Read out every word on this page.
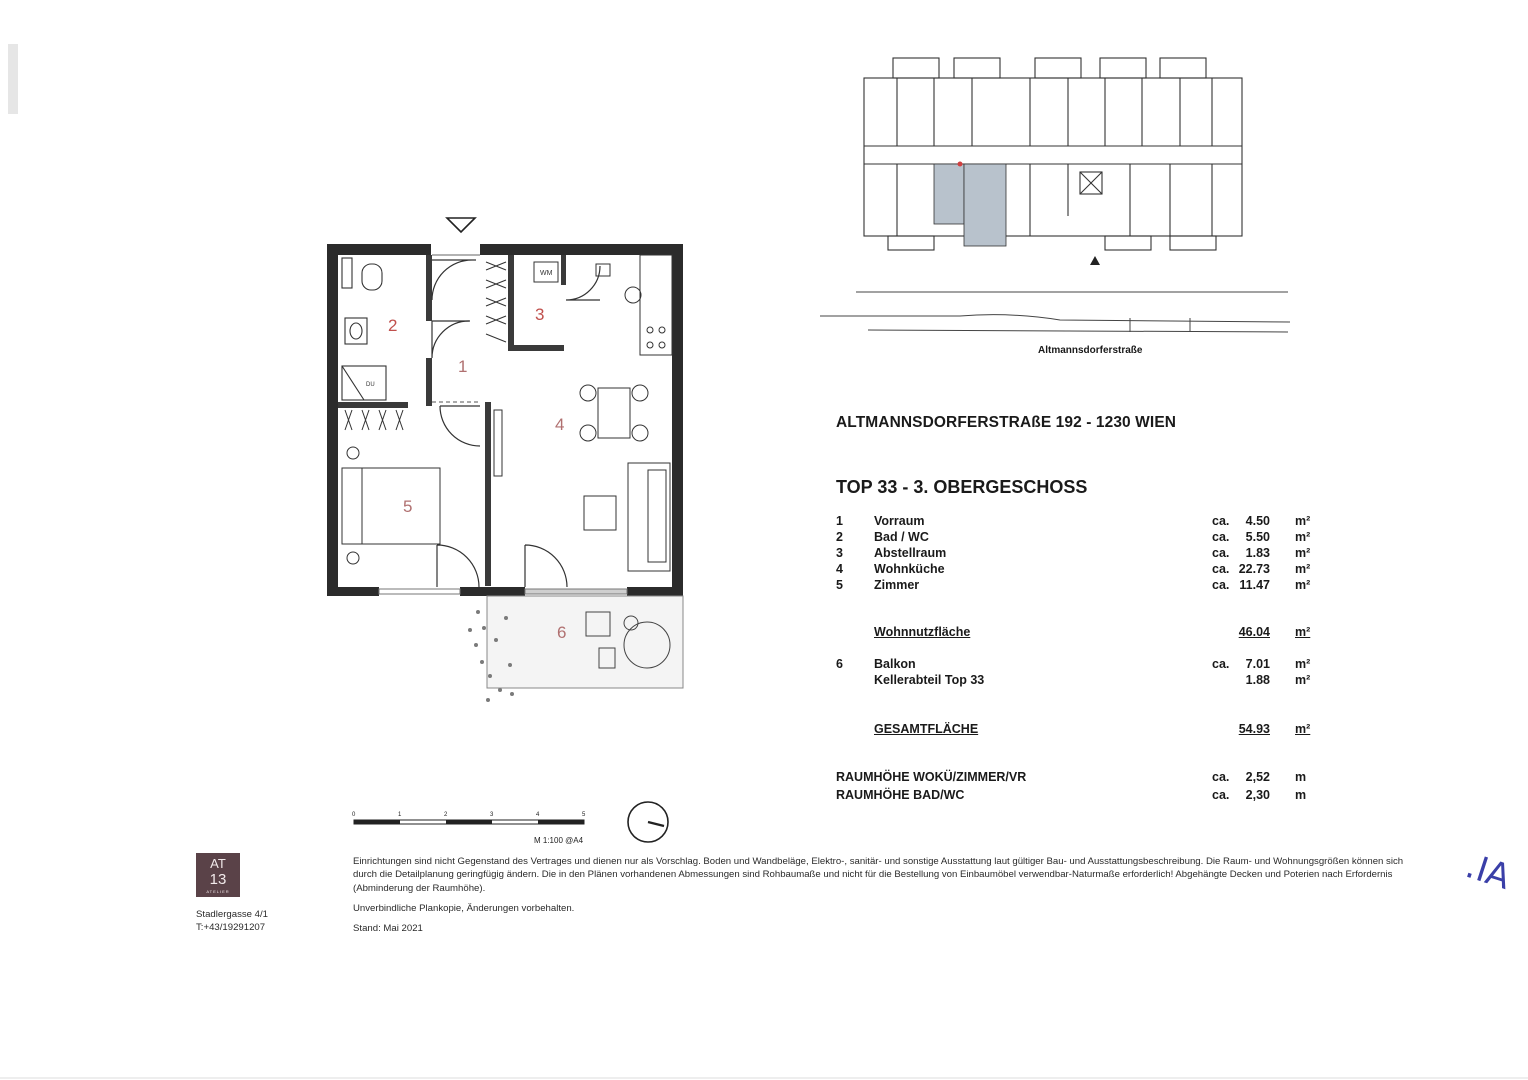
DU
WM
1
2
3
4
5
6
0	1	2	3	4	5
M 1:100 @A4
Altmannsdorferstraße
ALTMANNSDORFERSTRAßE 192 - 1230 WIEN
TOP 33 - 3. OBERGESCHOSS
1 Vorraum	ca.	4.50 m²
2 Bad / WC	ca.	5.50 m²
3 Abstellraum	ca.	1.83 m²
4 Wohnküche	ca. 22.73 m²
5 Zimmer	ca. 11.47 m²
Wohnnutzfläche	46.04 m²
6 Balkon	ca.	7.01 m²
Kellerabteil Top 33	1.88 m²
GESAMTFLÄCHE	54.93 m²
RAUMHÖHE WOKÜ/ZIMMER/VR	ca.	2,52 m
RAUMHÖHE BAD/WC	ca.	2,30 m
AT
13
ATELIER
Stadlergasse 4/1
T:+43/19291207

Einrichtungen sind nicht Gegenstand des Vertrages und dienen nur als Vorschlag. Boden und Wandbeläge, Elektro-, sanitär- und sonstige Ausstattung laut gültiger Bau- und Ausstattungsbeschreibung. Die Raum- und Wohnungsgrößen können sich durch die Detailplanung geringfügig ändern. Die in den Plänen vorhandenen Abmessungen sind Rohbaumaße und nicht für die Bestellung von Einbaumöbel verwendbar-Naturmaße erforderlich! Abgehängte Decken und Poterien nach Erfordernis (Abminderung der Raumhöhe).

Unverbindliche Plankopie, Änderungen vorbehalten.

Stand: Mai 2021

.IA
